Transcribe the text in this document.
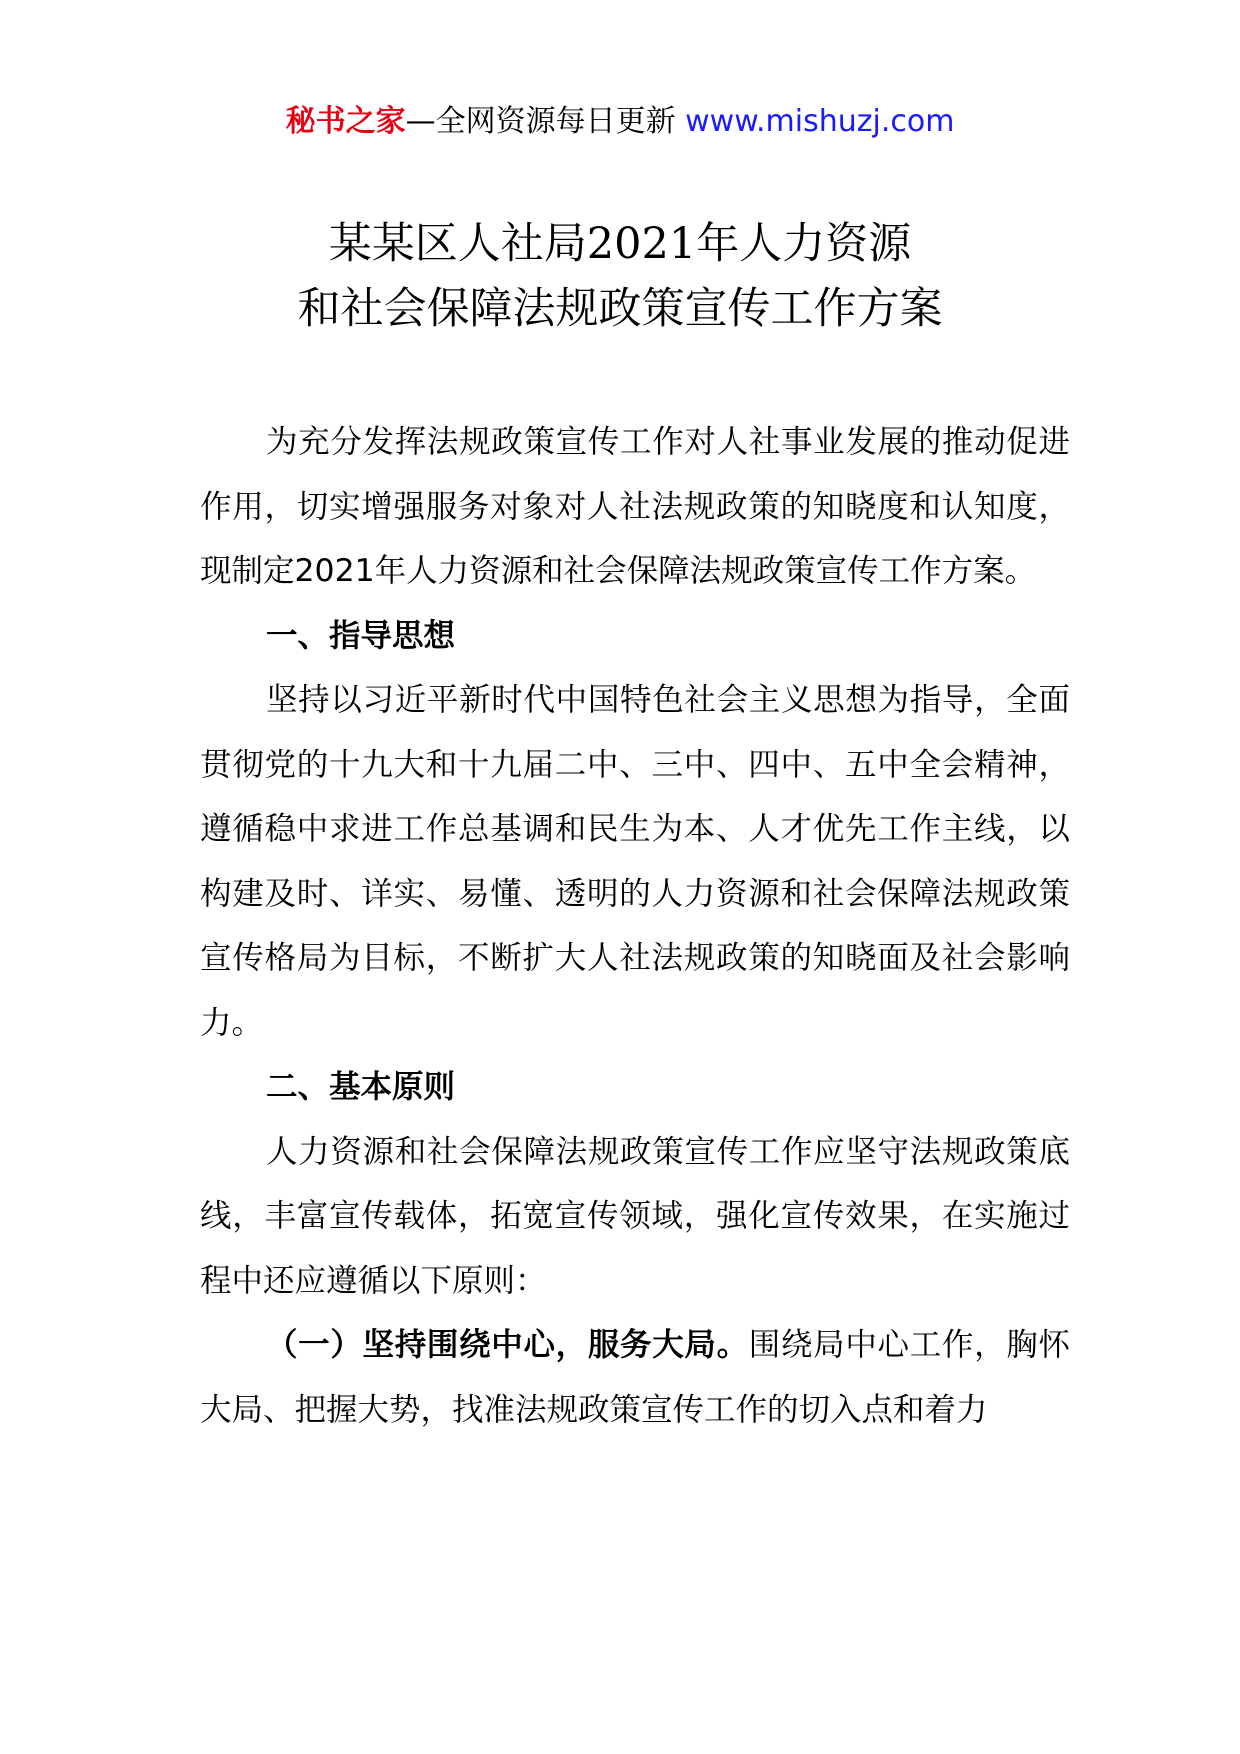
秘书之家—全网资源每日更新 www.mishuzj.com
某某区人社局2021年人力资源
和社会保障法规政策宣传工作方案

为充分发挥法规政策宣传工作对人社事业发展的推动促进作用，切实增强服务对象对人社法规政策的知晓度和认知度，现制定2021年人力资源和社会保障法规政策宣传工作方案。

一、指导思想

坚持以习近平新时代中国特色社会主义思想为指导，全面贯彻党的十九大和十九届二中、三中、四中、五中全会精神，遵循稳中求进工作总基调和民生为本、人才优先工作主线，以构建及时、详实、易懂、透明的人力资源和社会保障法规政策宣传格局为目标，不断扩大人社法规政策的知晓面及社会影响力。

二、基本原则

人力资源和社会保障法规政策宣传工作应坚守法规政策底线，丰富宣传载体，拓宽宣传领域，强化宣传效果，在实施过程中还应遵循以下原则：

（一）坚持围绕中心，服务大局。围绕局中心工作，胸怀大局、把握大势，找准法规政策宣传工作的切入点和着力
